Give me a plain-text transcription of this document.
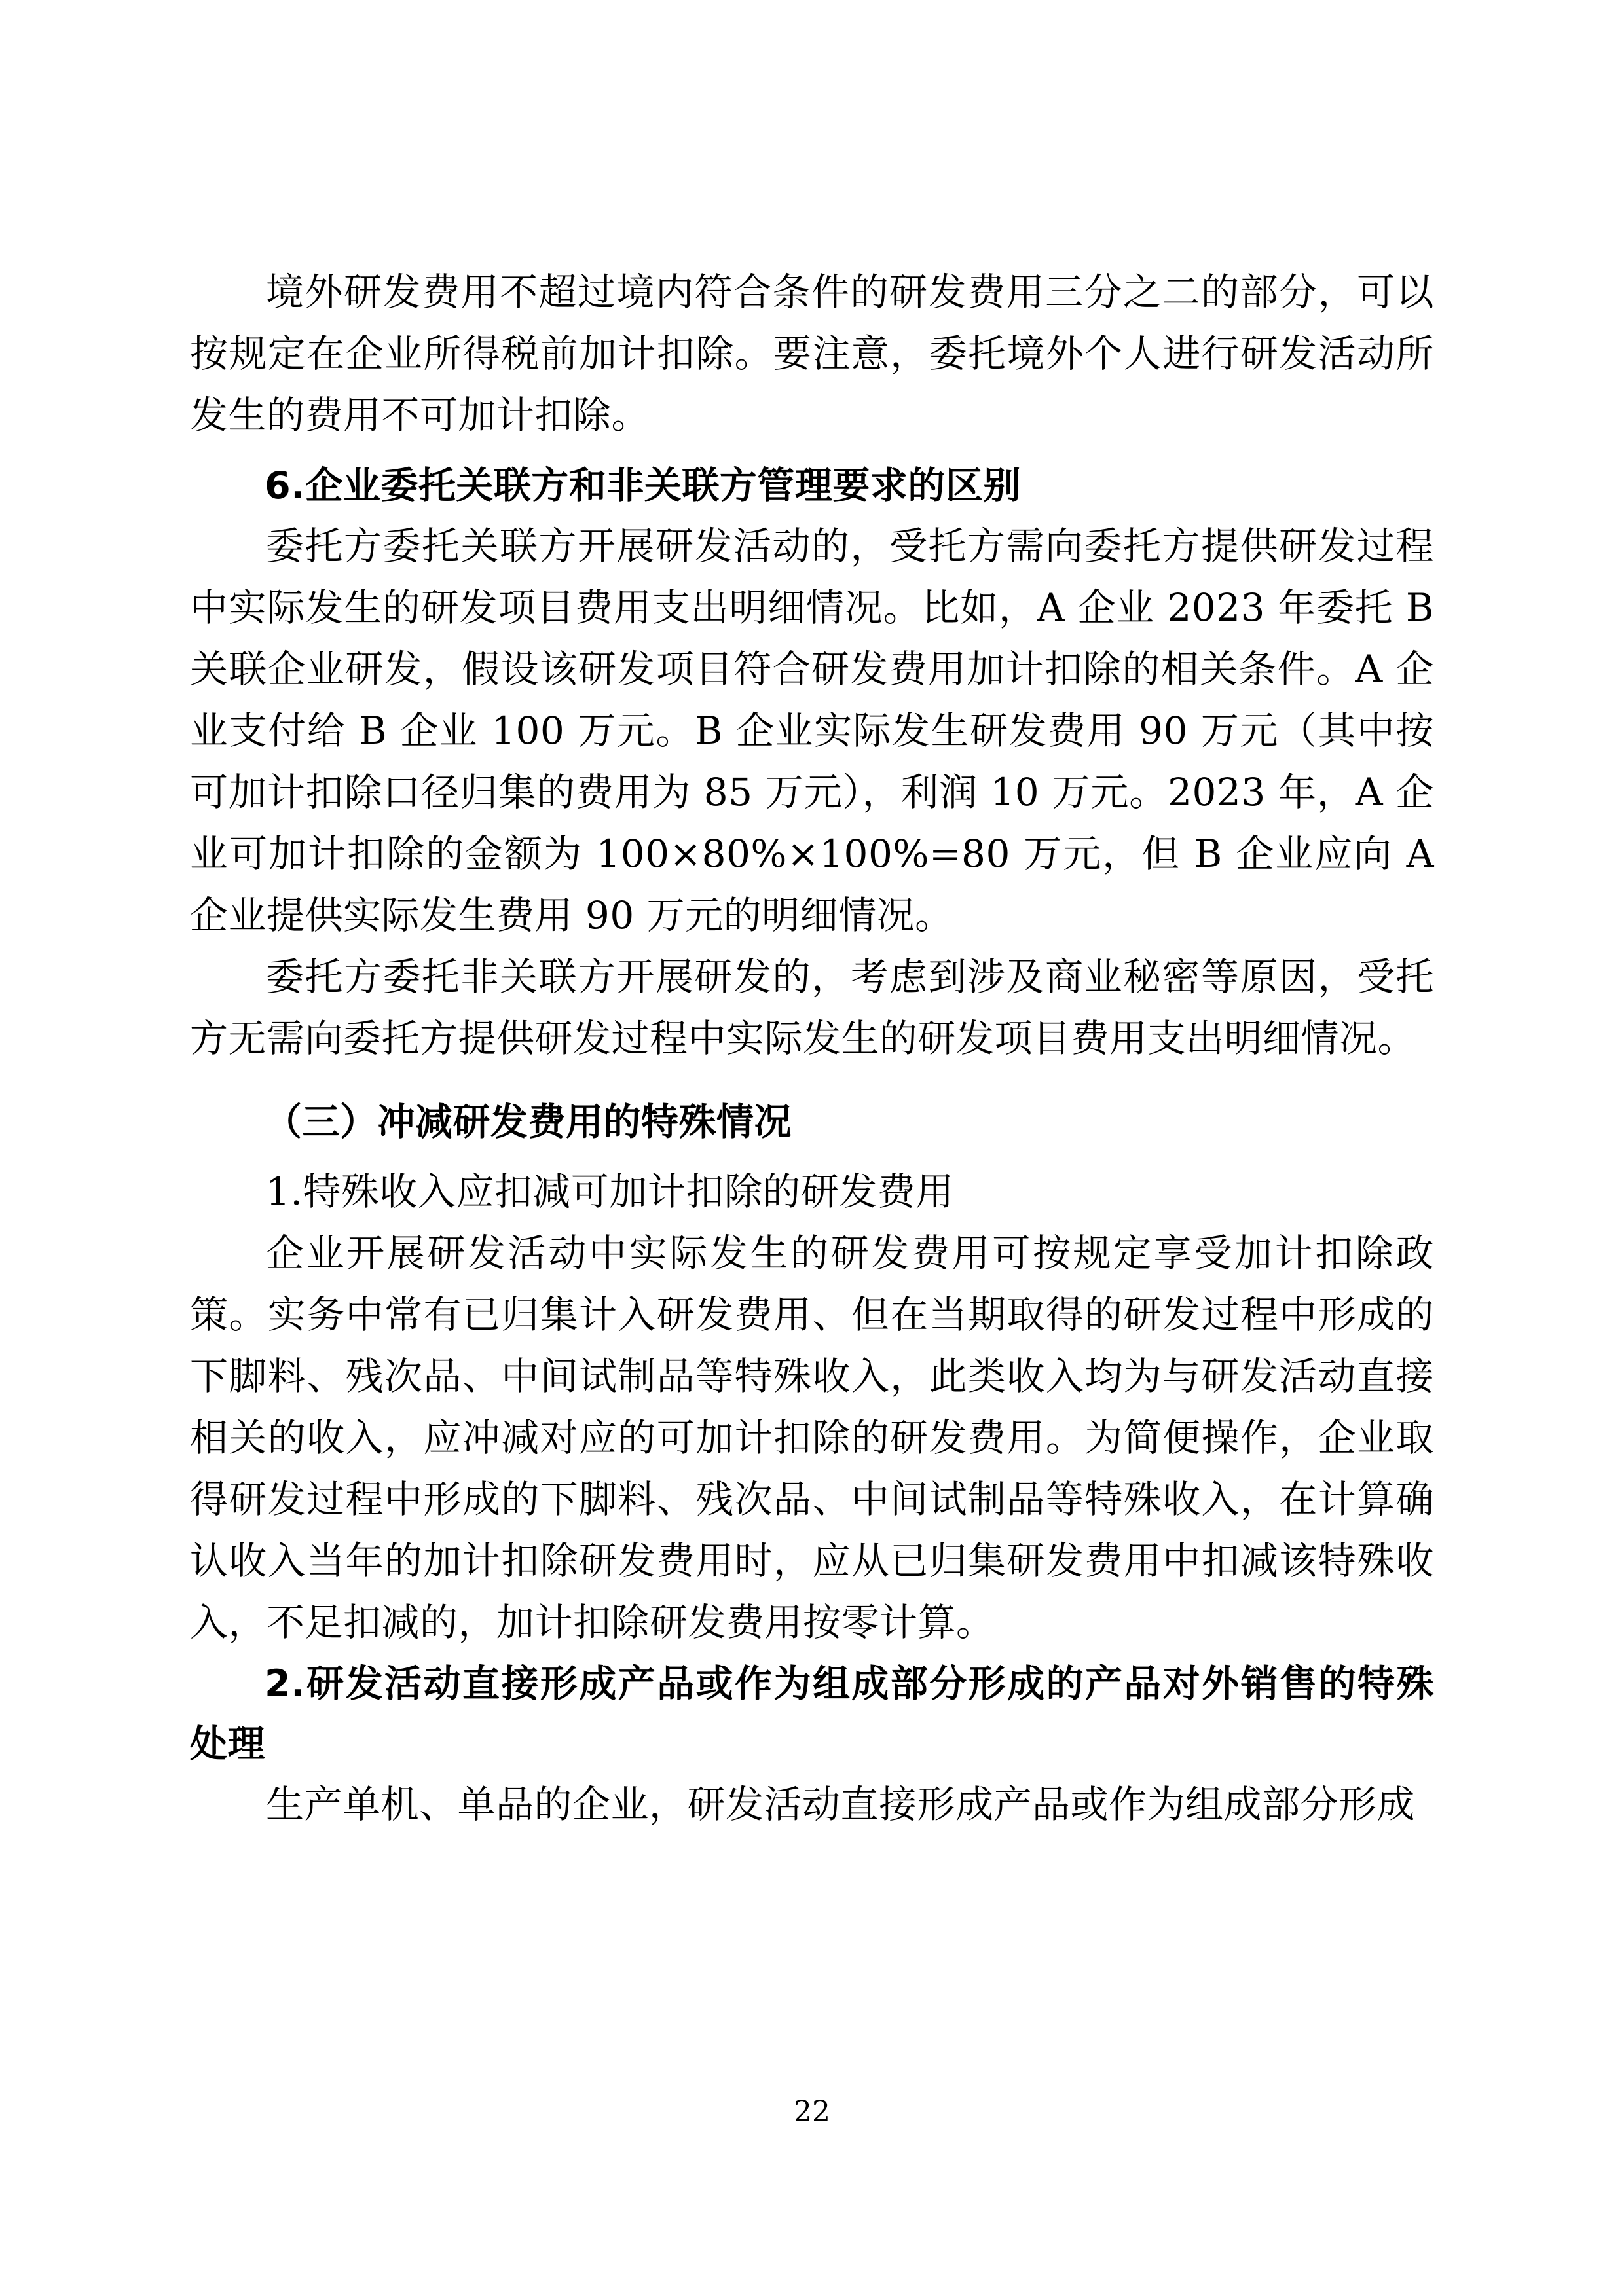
境外研发费用不超过境内符合条件的研发费用三分之二的部分，可以按规定在企业所得税前加计扣除。要注意，委托境外个人进行研发活动所发生的费用不可加计扣除。

6.企业委托关联方和非关联方管理要求的区别

委托方委托关联方开展研发活动的，受托方需向委托方提供研发过程中实际发生的研发项目费用支出明细情况。比如，A 企业 2023 年委托 B 关联企业研发，假设该研发项目符合研发费用加计扣除的相关条件。A 企业支付给 B 企业 100 万元。B 企业实际发生研发费用 90 万元（其中按可加计扣除口径归集的费用为 85 万元），利润 10 万元。2023 年，A 企业可加计扣除的金额为 100×80%×100%=80 万元，但 B 企业应向 A 企业提供实际发生费用 90 万元的明细情况。

委托方委托非关联方开展研发的，考虑到涉及商业秘密等原因，受托方无需向委托方提供研发过程中实际发生的研发项目费用支出明细情况。

（三）冲减研发费用的特殊情况

1.特殊收入应扣减可加计扣除的研发费用

企业开展研发活动中实际发生的研发费用可按规定享受加计扣除政策。实务中常有已归集计入研发费用、但在当期取得的研发过程中形成的下脚料、残次品、中间试制品等特殊收入，此类收入均为与研发活动直接相关的收入，应冲减对应的可加计扣除的研发费用。为简便操作，企业取得研发过程中形成的下脚料、残次品、中间试制品等特殊收入，在计算确认收入当年的加计扣除研发费用时，应从已归集研发费用中扣减该特殊收入，不足扣减的，加计扣除研发费用按零计算。

2.研发活动直接形成产品或作为组成部分形成的产品对外销售的特殊处理

生产单机、单品的企业，研发活动直接形成产品或作为组成部分形成

22
